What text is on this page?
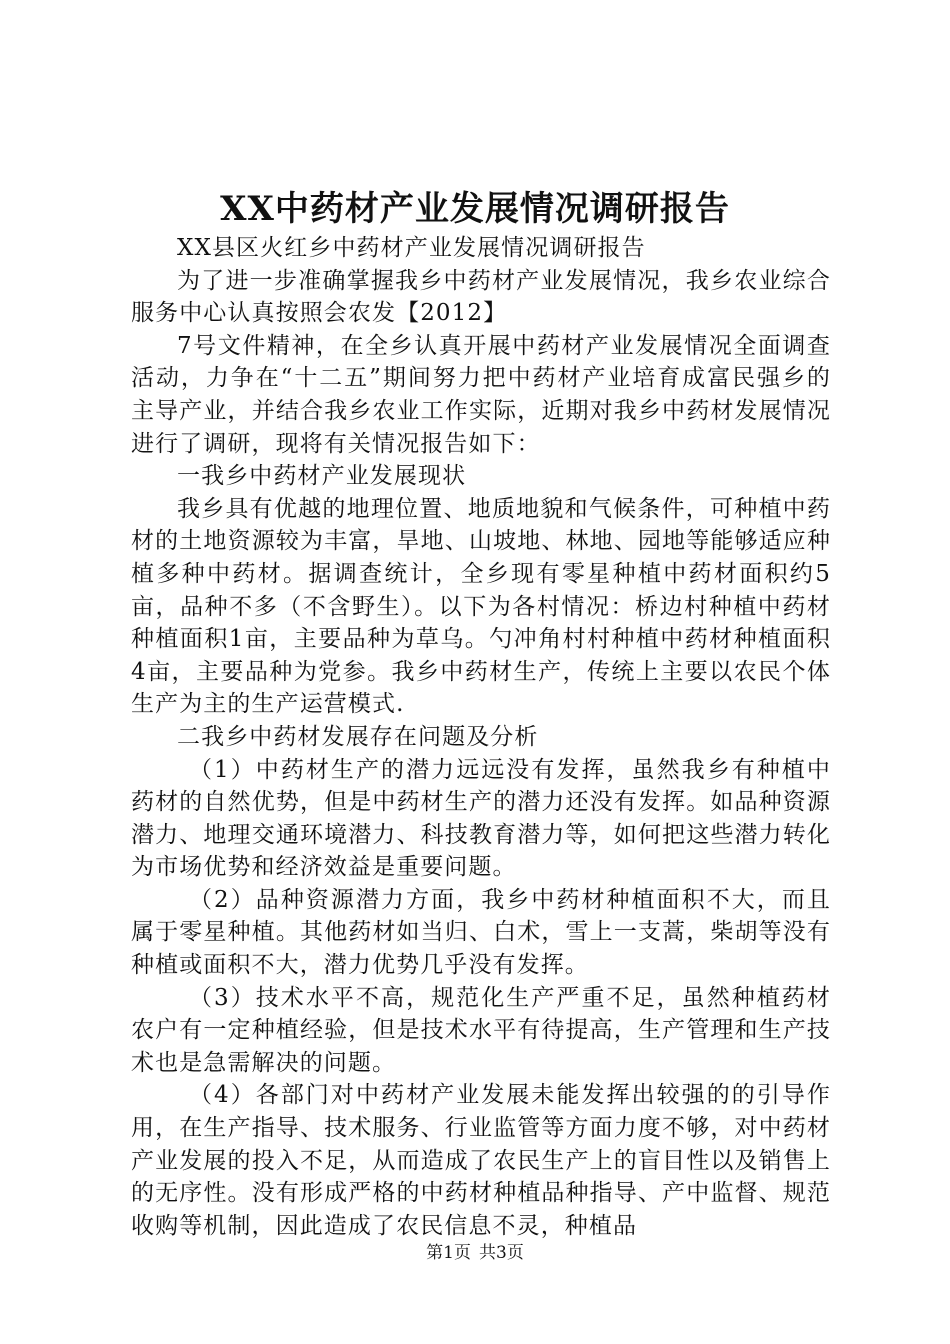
XX中药材产业发展情况调研报告

XX县区火红乡中药材产业发展情况调研报告

为了进一步准确掌握我乡中药材产业发展情况，我乡农业综合服务中心认真按照会农发【2012】

7号文件精神，在全乡认真开展中药材产业发展情况全面调查活动，力争在“十二五”期间努力把中药材产业培育成富民强乡的主导产业，并结合我乡农业工作实际，近期对我乡中药材发展情况进行了调研，现将有关情况报告如下：

一我乡中药材产业发展现状

我乡具有优越的地理位置、地质地貌和气候条件，可种植中药材的土地资源较为丰富，旱地、山坡地、林地、园地等能够适应种植多种中药材。据调查统计，全乡现有零星种植中药材面积约5亩，品种不多（不含野生）。以下为各村情况：桥边村种植中药材种植面积1亩，主要品种为草乌。勺冲角村村种植中药材种植面积4亩，主要品种为党参。我乡中药材生产，传统上主要以农民个体生产为主的生产运营模式.

二我乡中药材发展存在问题及分析

（1）中药材生产的潜力远远没有发挥，虽然我乡有种植中药材的自然优势，但是中药材生产的潜力还没有发挥。如品种资源潜力、地理交通环境潜力、科技教育潜力等，如何把这些潜力转化为市场优势和经济效益是重要问题。

（2）品种资源潜力方面，我乡中药材种植面积不大，而且属于零星种植。其他药材如当归、白术，雪上一支蒿，柴胡等没有种植或面积不大，潜力优势几乎没有发挥。

（3）技术水平不高，规范化生产严重不足，虽然种植药材农户有一定种植经验，但是技术水平有待提高，生产管理和生产技术也是急需解决的问题。

（4）各部门对中药材产业发展未能发挥出较强的的引导作用，在生产指导、技术服务、行业监管等方面力度不够，对中药材产业发展的投入不足，从而造成了农民生产上的盲目性以及销售上的无序性。没有形成严格的中药材种植品种指导、产中监督、规范收购等机制，因此造成了农民信息不灵，种植品

第1页 共3页
